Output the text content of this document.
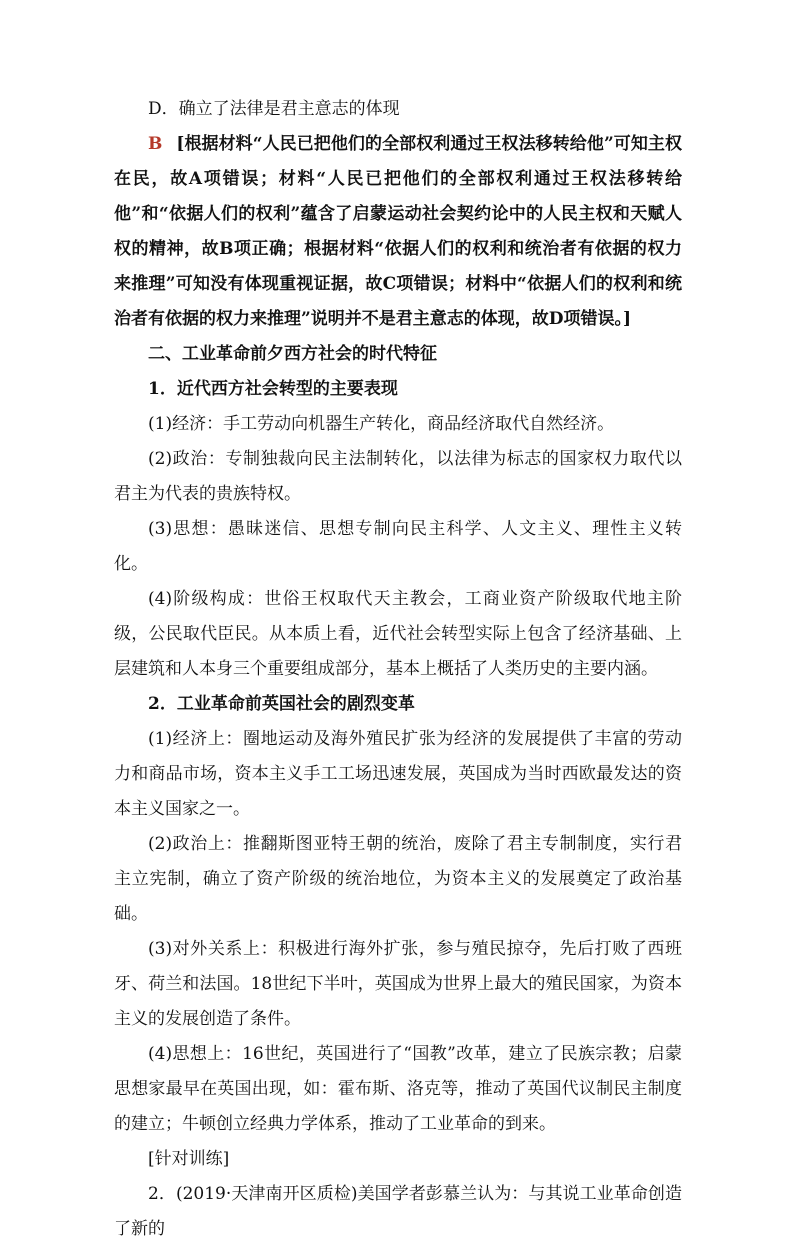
D．确立了法律是君主意志的体现

B [根据材料“人民已把他们的全部权利通过王权法移转给他”可知主权在民，故A项错误；材料“人民已把他们的全部权利通过王权法移转给他”和“依据人们的权利”蕴含了启蒙运动社会契约论中的人民主权和天赋人权的精神，故B项正确；根据材料“依据人们的权利和统治者有依据的权力来推理”可知没有体现重视证据，故C项错误；材料中“依据人们的权利和统治者有依据的权力来推理”说明并不是君主意志的体现，故D项错误。]

二、工业革命前夕西方社会的时代特征

1．近代西方社会转型的主要表现

(1)经济：手工劳动向机器生产转化，商品经济取代自然经济。

(2)政治：专制独裁向民主法制转化，以法律为标志的国家权力取代以君主为代表的贵族特权。

(3)思想：愚昧迷信、思想专制向民主科学、人文主义、理性主义转化。

(4)阶级构成：世俗王权取代天主教会，工商业资产阶级取代地主阶级，公民取代臣民。从本质上看，近代社会转型实际上包含了经济基础、上层建筑和人本身三个重要组成部分，基本上概括了人类历史的主要内涵。

2．工业革命前英国社会的剧烈变革

(1)经济上：圈地运动及海外殖民扩张为经济的发展提供了丰富的劳动力和商品市场，资本主义手工工场迅速发展，英国成为当时西欧最发达的资本主义国家之一。

(2)政治上：推翻斯图亚特王朝的统治，废除了君主专制制度，实行君主立宪制，确立了资产阶级的统治地位，为资本主义的发展奠定了政治基础。

(3)对外关系上：积极进行海外扩张，参与殖民掠夺，先后打败了西班牙、荷兰和法国。18世纪下半叶，英国成为世界上最大的殖民国家，为资本主义的发展创造了条件。

(4)思想上：16世纪，英国进行了“国教”改革，建立了民族宗教；启蒙思想家最早在英国出现，如：霍布斯、洛克等，推动了英国代议制民主制度的建立；牛顿创立经典力学体系，推动了工业革命的到来。

[针对训练]

2．(2019·天津南开区质检)美国学者彭慕兰认为：与其说工业革命创造了新的
